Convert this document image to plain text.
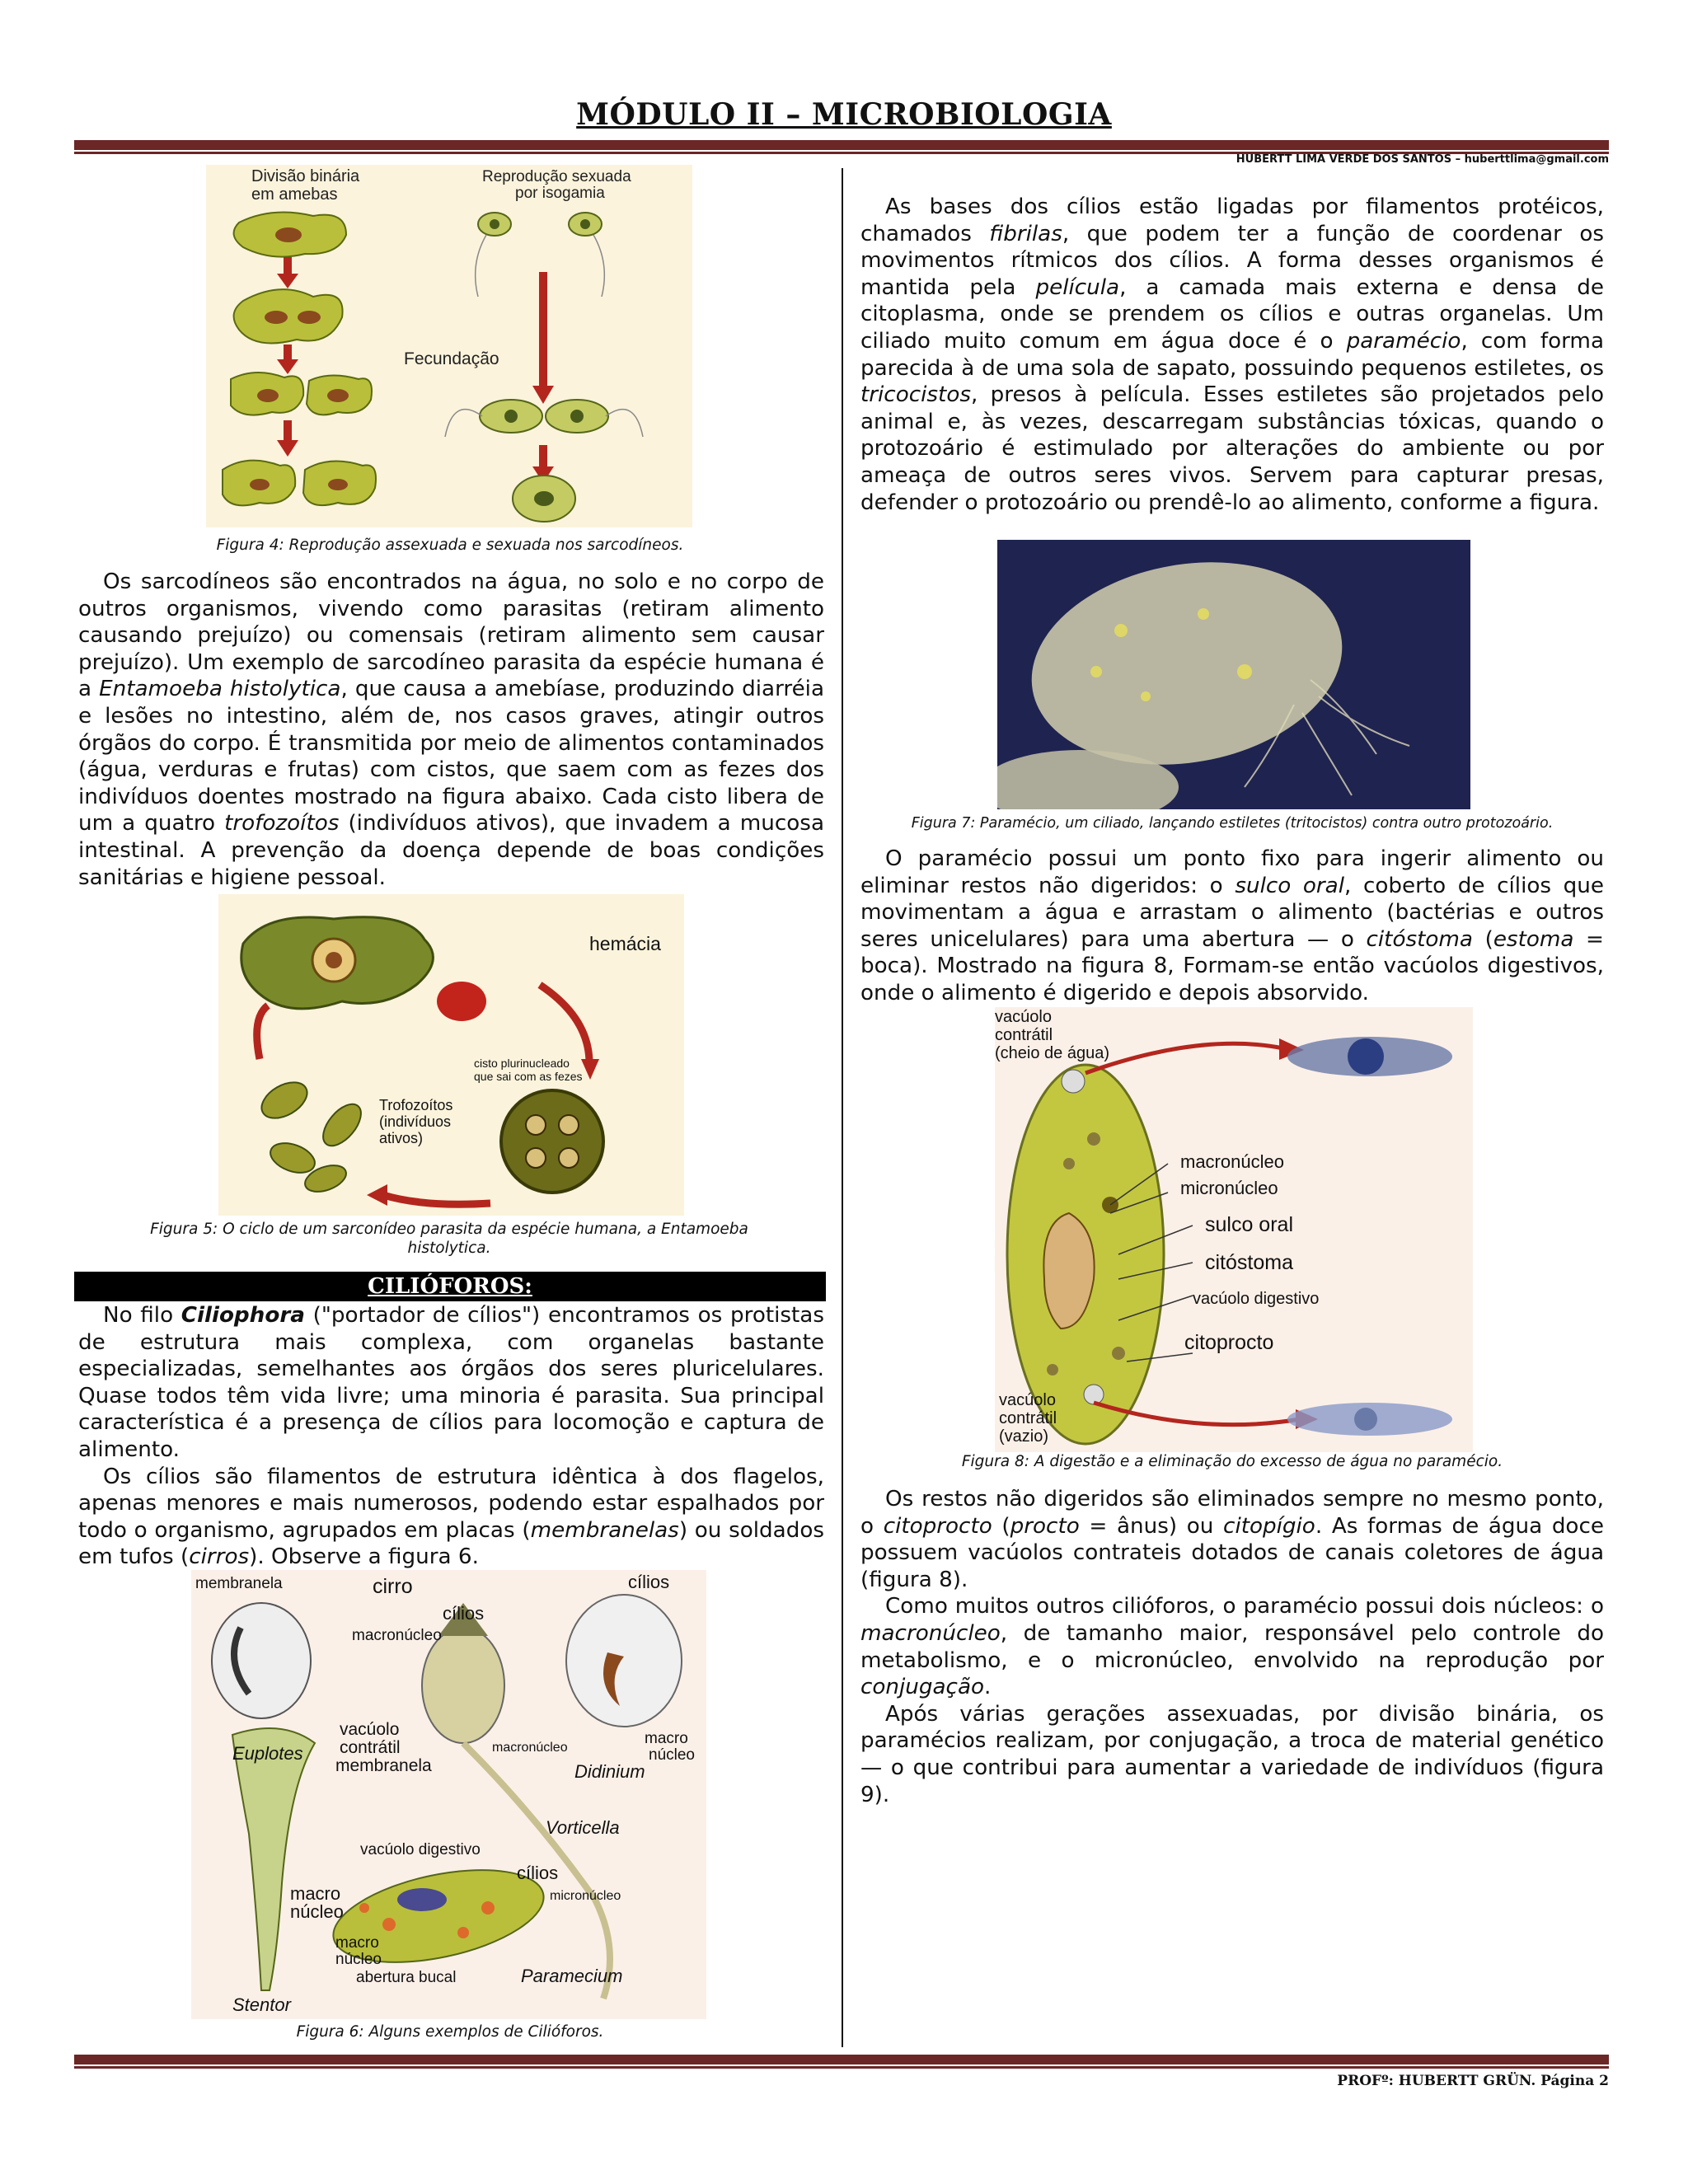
MÓDULO II – MICROBIOLOGIA
HUBERTT LIMA VERDE DOS SANTOS – huberttlima@gmail.com
Divisão binária
em amebas
Reprodução sexuada
por isogamia
Fecundação
Figura 4: Reprodução assexuada e sexuada nos sarcodíneos.

Os sarcodíneos são encontrados na água, no solo e no corpo de outros organismos, vivendo como parasitas (retiram alimento causando prejuízo) ou comensais (retiram alimento sem causar prejuízo). Um exemplo de sarcodíneo parasita da espécie humana é a Entamoeba histolytica, que causa a amebíase, produzindo diarréia e lesões no intestino, além de, nos casos graves, atingir outros órgãos do corpo. É transmitida por meio de alimentos contaminados (água, verduras e frutas) com cistos, que saem com as fezes dos indivíduos doentes mostrado na figura abaixo. Cada cisto libera de um a quatro trofozoítos (indivíduos ativos), que invadem a mucosa intestinal. A prevenção da doença depende de boas condições sanitárias e higiene pessoal.

hemácia
cisto plurinucleado
que sai com as fezes
Trofozoítos
(indivíduos
ativos)
Figura 5: O ciclo de um sarconídeo parasita da espécie humana, a Entamoeba
histolytica.
CILIÓFOROS:

No filo Ciliophora ("portador de cílios") encontramos os protistas de estrutura mais complexa, com organelas bastante especializadas, semelhantes aos órgãos dos seres pluricelulares. Quase todos têm vida livre; uma minoria é parasita. Sua principal característica é a presença de cílios para locomoção e captura de alimento.

Os cílios são filamentos de estrutura idêntica à dos flagelos, apenas menores e mais numerosos, podendo estar espalhados por todo o organismo, agrupados em placas (membranelas) ou soldados em tufos (cirros). Observe a figura 6.

membranela	cirro	cílios
cílios
macronúcleo
Euplotes
vacúolo
contrátil
membranela
macronúcleo
macro
núcleo
Didinium
Vorticella
vacúolo digestivo
cílios
micronúcleo
macro
núcleo
macro
núcleo
abertura bucal	Paramecium
Stentor
Figura 6: Alguns exemplos de Cilióforos.

As bases dos cílios estão ligadas por filamentos protéicos, chamados fibrilas, que podem ter a função de coordenar os movimentos rítmicos dos cílios. A forma desses organismos é mantida pela película, a camada mais externa e densa de citoplasma, onde se prendem os cílios e outras organelas. Um ciliado muito comum em água doce é o paramécio, com forma parecida à de uma sola de sapato, possuindo pequenos estiletes, os tricocistos, presos à película. Esses estiletes são projetados pelo animal e, às vezes, descarregam substâncias tóxicas, quando o protozoário é estimulado por alterações do ambiente ou por ameaça de outros seres vivos. Servem para capturar presas, defender o protozoário ou prendê-lo ao alimento, conforme a figura.

Figura 7: Paramécio, um ciliado, lançando estiletes (tritocistos) contra outro protozoário.

O paramécio possui um ponto fixo para ingerir alimento ou eliminar restos não digeridos: o sulco oral, coberto de cílios que movimentam a água e arrastam o alimento (bactérias e outros seres unicelulares) para uma abertura — o citóstoma (estoma = boca). Mostrado na figura 8, Formam-se então vacúolos digestivos, onde o alimento é digerido e depois absorvido.

vacúolo
contrátil
(cheio de água)
macronúcleo
micronúcleo
sulco oral
citóstoma
vacúolo digestivo
citoprocto
vacúolo
contrátil
(vazio)
Figura 8: A digestão e a eliminação do excesso de água no paramécio.

Os restos não digeridos são eliminados sempre no mesmo ponto, o citoprocto (procto = ânus) ou citopígio. As formas de água doce possuem vacúolos contrateis dotados de canais coletores de água (figura 8).

Como muitos outros cilióforos, o paramécio possui dois núcleos: o macronúcleo, de tamanho maior, responsável pelo controle do metabolismo, e o micronúcleo, envolvido na reprodução por conjugação.

Após várias gerações assexuadas, por divisão binária, os paramécios realizam, por conjugação, a troca de material genético — o que contribui para aumentar a variedade de indivíduos (figura 9).

PROFº: HUBERTT GRÜN. Página 2
